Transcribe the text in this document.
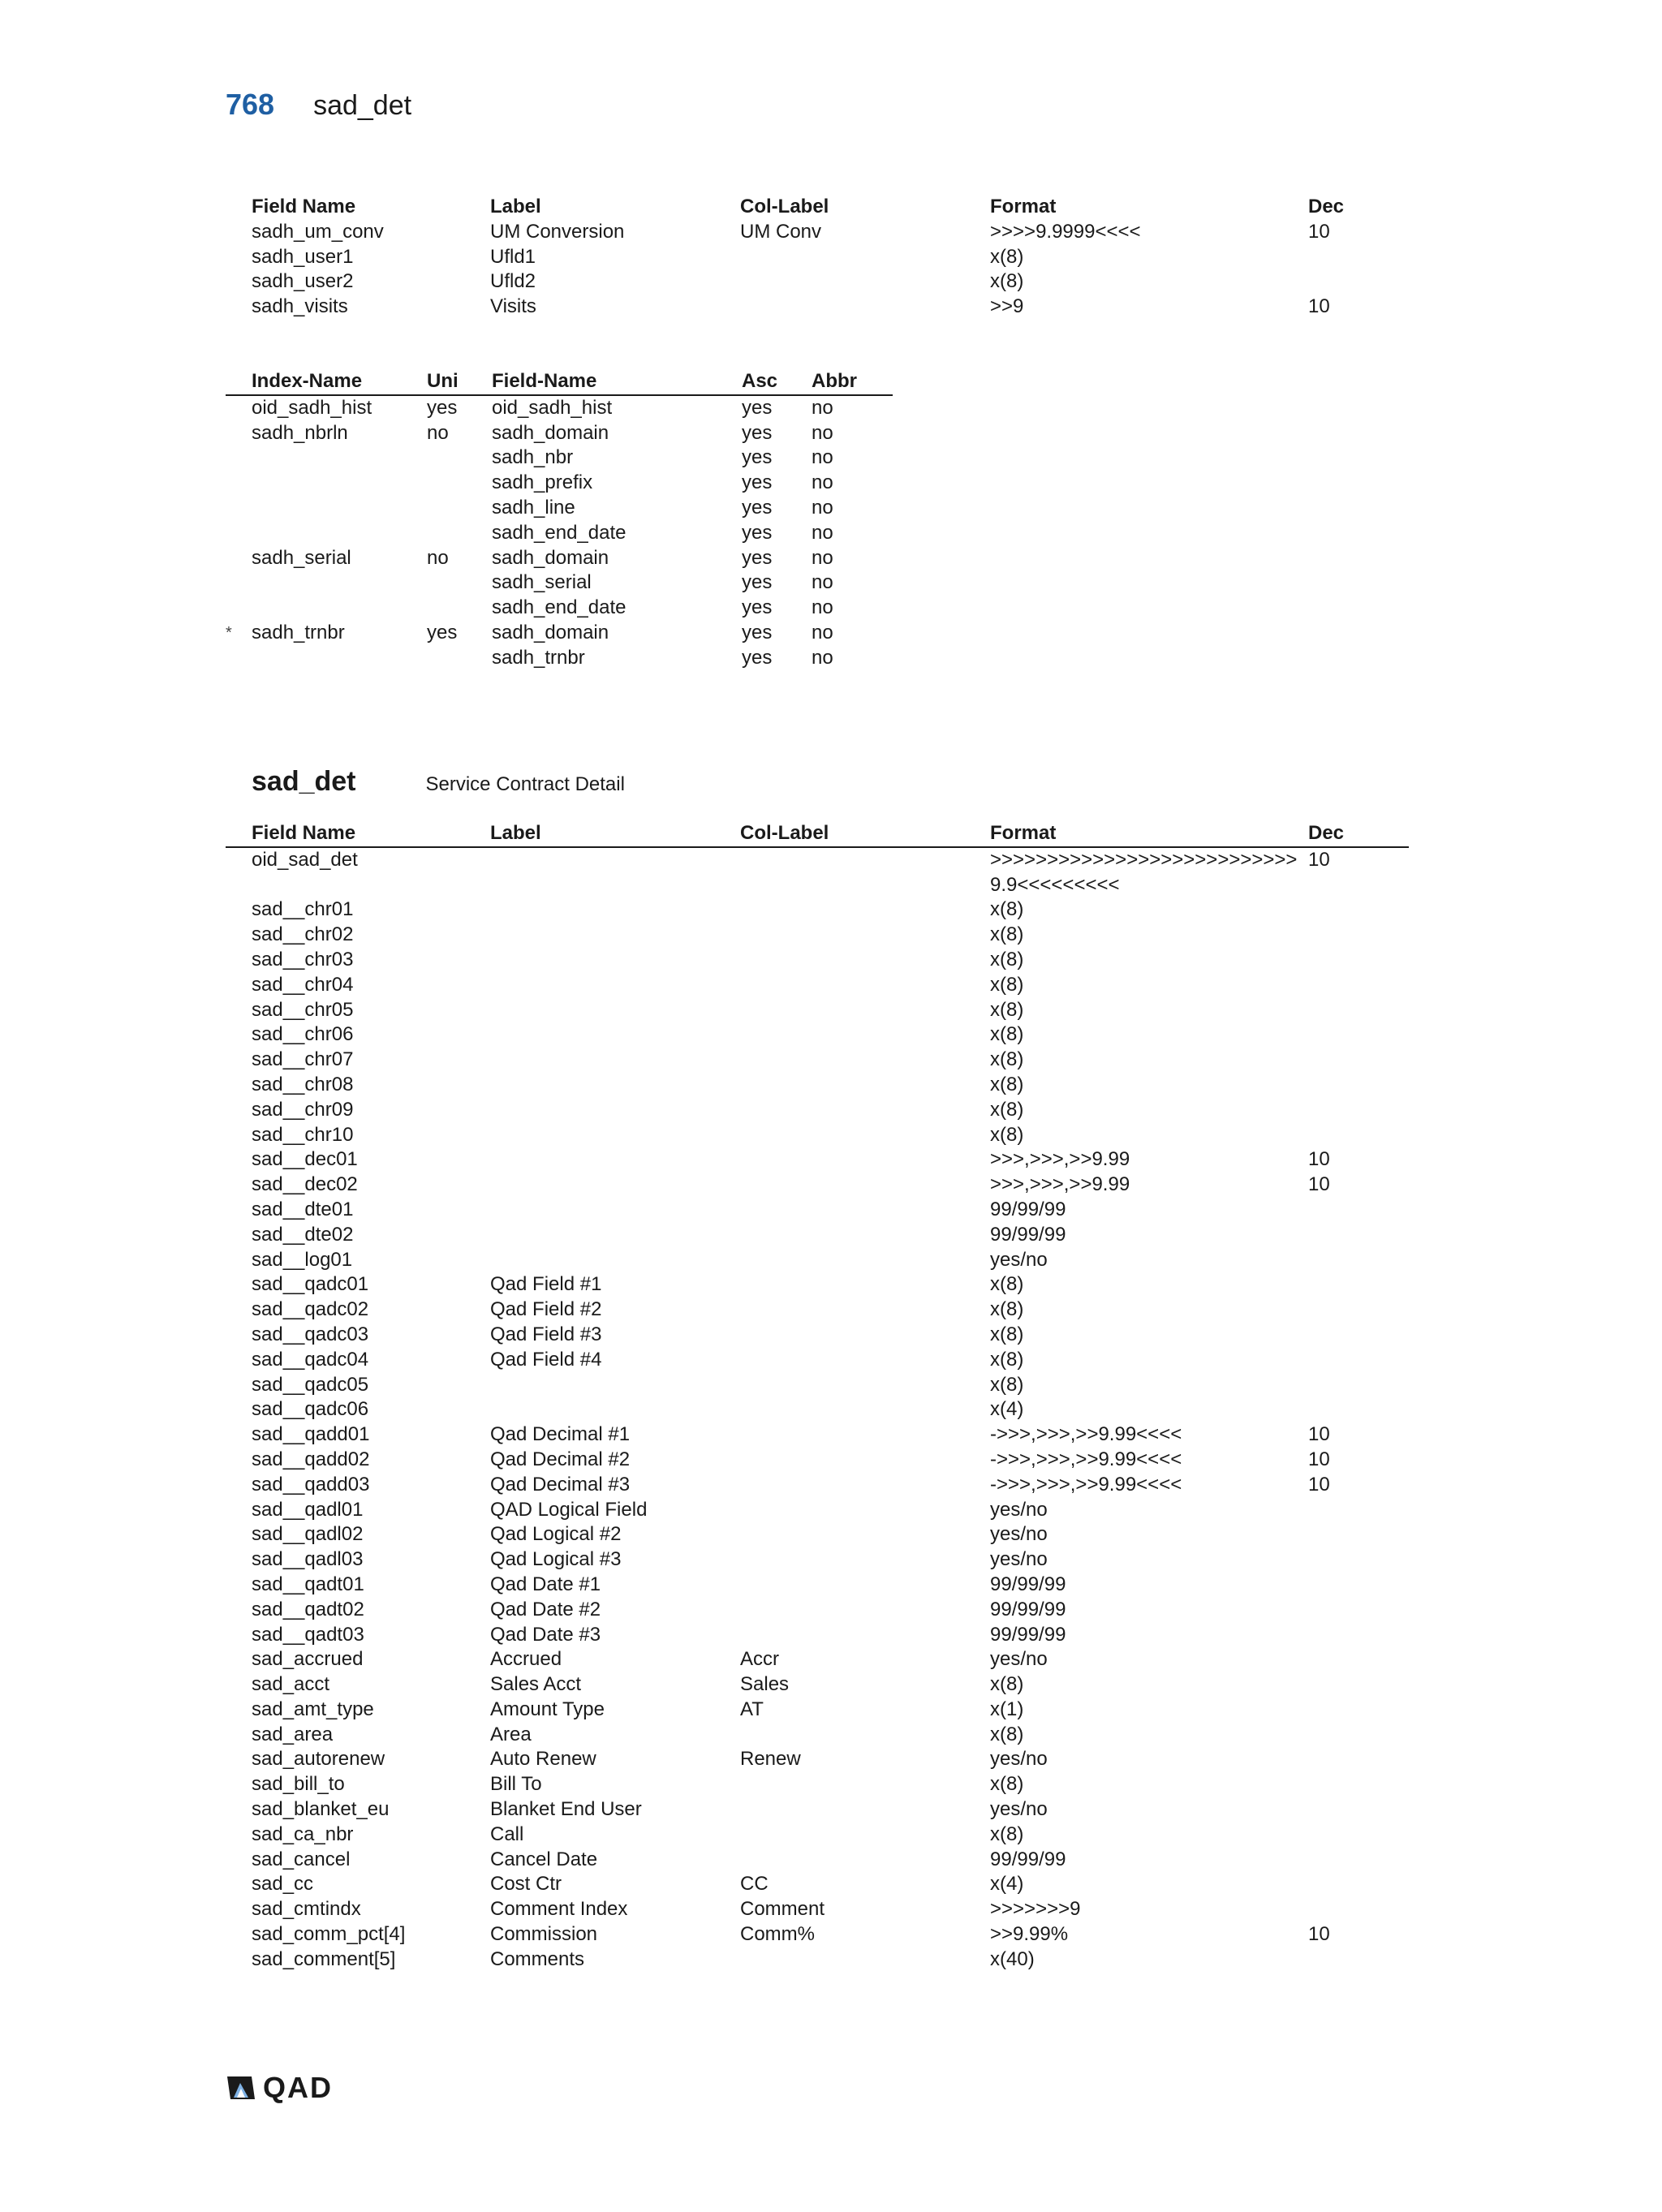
768 sad_det
Field Name	Label	Col-Label	Format	Dec
sadh_um_conv	UM Conversion	UM Conv	>>>>9.9999<<<<	10
sadh_user1	Ufld1		x(8)	
sadh_user2	Ufld2		x(8)	
sadh_visits	Visits		>>9	10
Index-Name	Uni	Field-Name	Asc	Abbr

oid_sadh_hist	yes	oid_sadh_hist	yes	no

sadh_nbrln	no	sadh_domain	yes	no

		sadh_nbr	yes	no

		sadh_prefix	yes	no

		sadh_line	yes	no

		sadh_end_date	yes	no

sadh_serial	no	sadh_domain	yes	no

		sadh_serial	yes	no

		sadh_end_date	yes	no

* sadh_trnbr	yes	sadh_domain	yes	no

		sadh_trnbr	yes	no
sad_det	Service Contract Detail
Field Name	Label	Col-Label	Format	Dec
oid_sad_det			>>>>>>>>>>>>>>>>>>>>>>>>>>>9.9<<<<<<<<<	10
sad__chr01			x(8)	
sad__chr02			x(8)	
sad__chr03			x(8)	
sad__chr04			x(8)	
sad__chr05			x(8)	
sad__chr06			x(8)	
sad__chr07			x(8)	
sad__chr08			x(8)	
sad__chr09			x(8)	
sad__chr10			x(8)	
sad__dec01			>>>,>>>,>>9.99	10
sad__dec02			>>>,>>>,>>9.99	10
sad__dte01			99/99/99	
sad__dte02			99/99/99	
sad__log01			yes/no	
sad__qadc01	Qad Field #1		x(8)	
sad__qadc02	Qad Field #2		x(8)	
sad__qadc03	Qad Field #3		x(8)	
sad__qadc04	Qad Field #4		x(8)	
sad__qadc05			x(8)	
sad__qadc06			x(4)	
sad__qadd01	Qad Decimal #1		->>>,>>>,>>9.99<<<<	10
sad__qadd02	Qad Decimal #2		->>>,>>>,>>9.99<<<<	10
sad__qadd03	Qad Decimal #3		->>>,>>>,>>9.99<<<<	10
sad__qadl01	QAD Logical Field		yes/no	
sad__qadl02	Qad Logical #2		yes/no	
sad__qadl03	Qad Logical #3		yes/no	
sad__qadt01	Qad Date #1		99/99/99	
sad__qadt02	Qad Date #2		99/99/99	
sad__qadt03	Qad Date #3		99/99/99	
sad_accrued	Accrued	Accr	yes/no	
sad_acct	Sales Acct	Sales	x(8)	
sad_amt_type	Amount Type	AT	x(1)	
sad_area	Area		x(8)	
sad_autorenew	Auto Renew	Renew	yes/no	
sad_bill_to	Bill To		x(8)	
sad_blanket_eu	Blanket End User		yes/no	
sad_ca_nbr	Call		x(8)	
sad_cancel	Cancel Date		99/99/99	
sad_cc	Cost Ctr	CC	x(4)	
sad_cmtindx	Comment Index	Comment	>>>>>>>9	
sad_comm_pct[4]	Commission	Comm%	>>9.99%	10
sad_comment[5]	Comments		x(40)	
QAD
